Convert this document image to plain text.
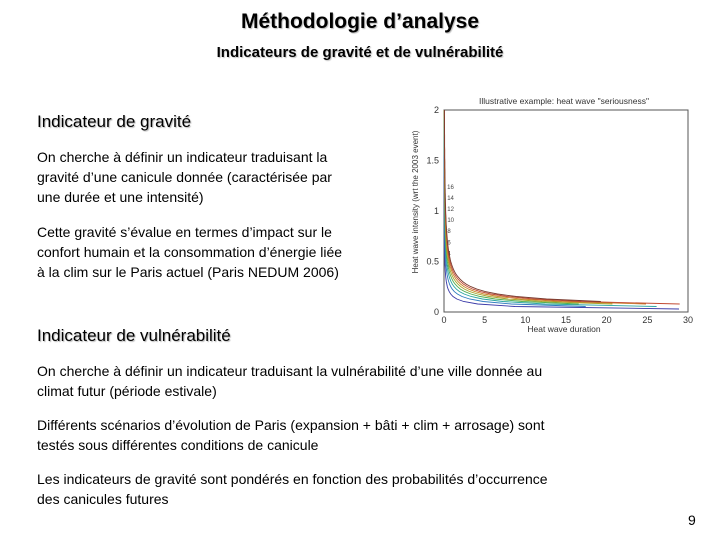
Méthodologie d’analyse
Indicateurs de gravité et de vulnérabilité
Indicateur de gravité
On cherche à définir un indicateur traduisant la
gravité d’une canicule donnée (caractérisée par
une durée et une intensité)
Cette gravité s’évalue en termes d’impact sur le
confort humain et la consommation d’énergie liée
à la clim sur le Paris actuel (Paris NEDUM 2006)
Illustrative example: heat wave "seriousness"
Heat wave intensity (wrt the 2003 event)
0
0.5
1
1.5
2
0	5	10	15	20	25	30
2
4
6
8
10
12
14
16
Heat wave duration
Indicateur de vulnérabilité
On cherche à définir un indicateur traduisant la vulnérabilité d’une ville donnée au
climat futur (période estivale)
Différents scénarios d’évolution de Paris (expansion + bâti + clim + arrosage) sont
testés sous différentes conditions de canicule
Les indicateurs de gravité sont pondérés en fonction des probabilités d’occurrence
des canicules futures
9
